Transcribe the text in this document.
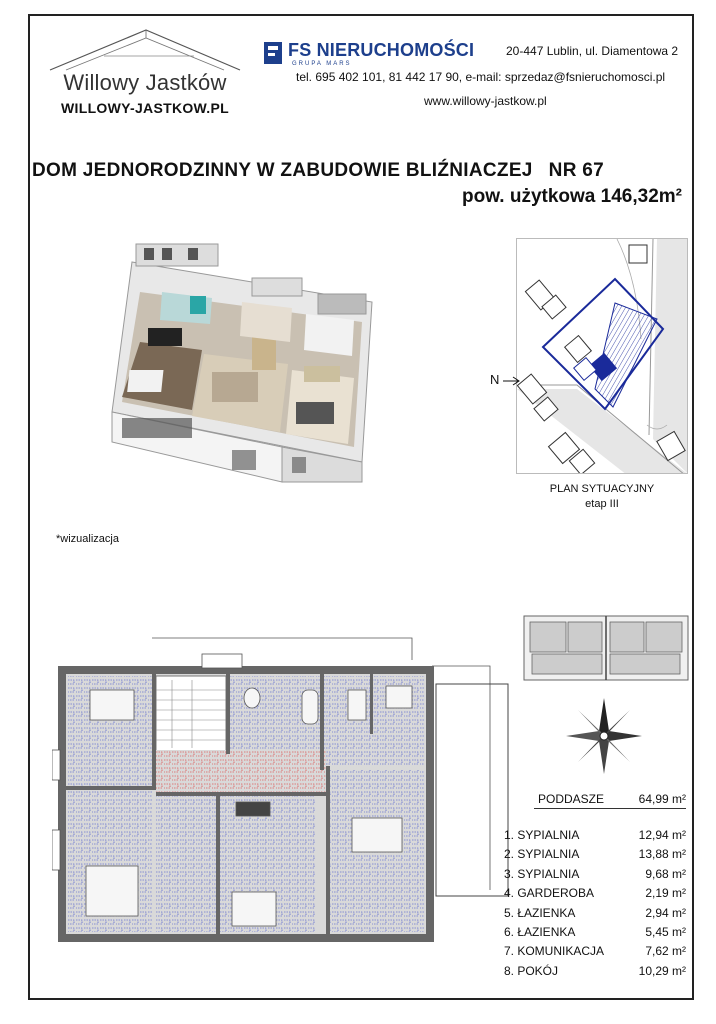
Willowy Jastków
WILLOWY-JASTKOW.PL
FS NIERUCHOMOŚCI
GRUPA MARS
20-447 Lublin, ul. Diamentowa 2
tel. 695 402 101, 81 442 17 90, e-mail: sprzedaz@fsnieruchomosci.pl
www.willowy-jastkow.pl
DOM JEDNORODZINNY W ZABUDOWIE BLIŹNIACZEJ NR 67
pow. użytkowa 146,32m²
*wizualizacja
N
PLAN SYTUACYJNY
etap III
PODDASZE	64,99 m²
1. SYPIALNIA	12,94 m²
2. SYPIALNIA	13,88 m²
3. SYPIALNIA	9,68 m²
4. GARDEROBA	2,19 m²
5. ŁAZIENKA	2,94 m²
6. ŁAZIENKA	5,45 m²
7. KOMUNIKACJA	7,62 m²
8. POKÓJ	10,29 m²
